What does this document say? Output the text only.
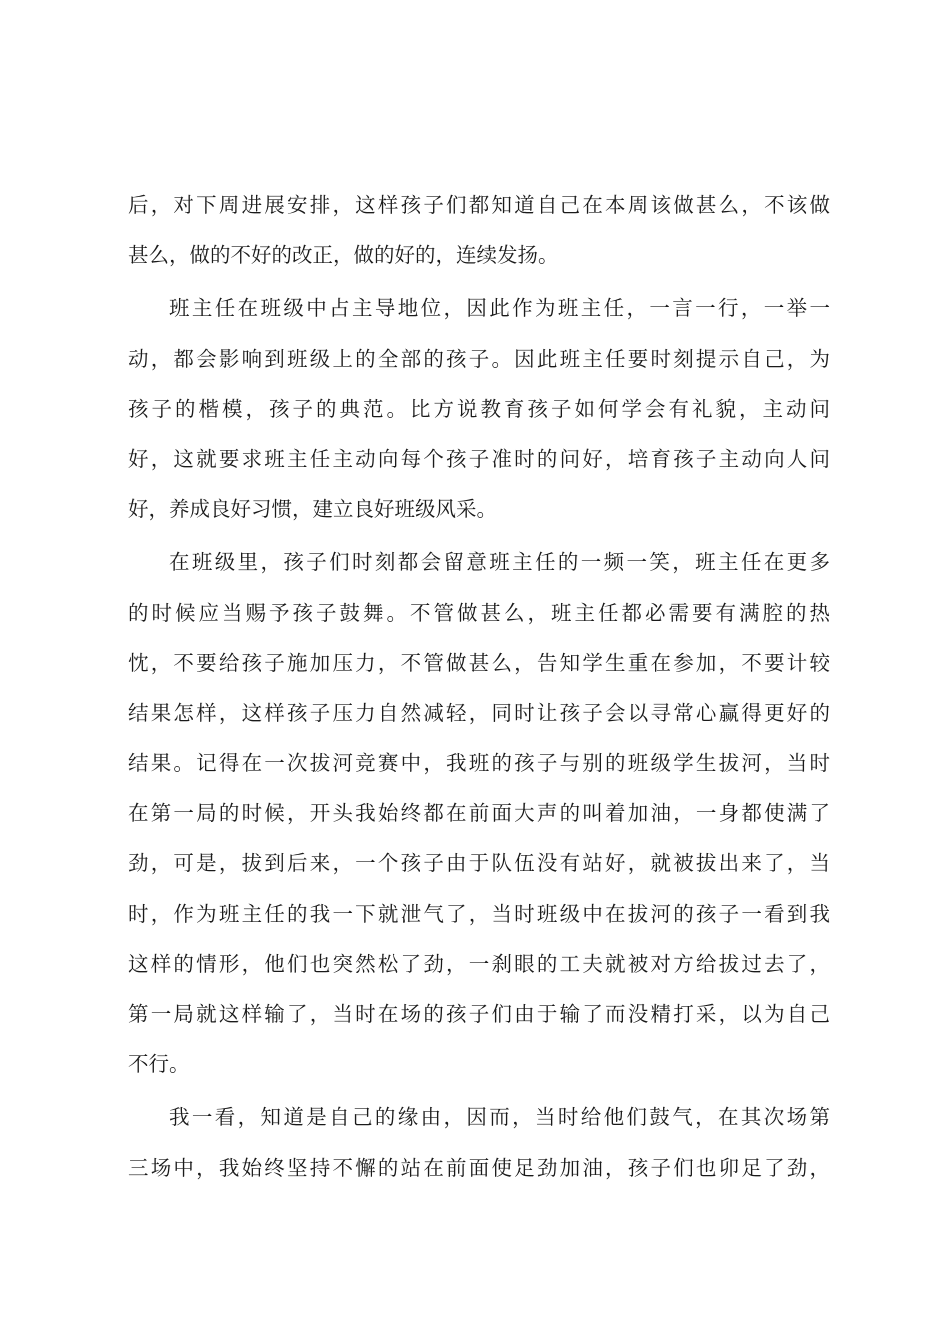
后，对下周进展安排，这样孩子们都知道自己在本周该做甚么，不该做
甚么，做的不好的改正，做的好的，连续发扬。
班主任在班级中占主导地位，因此作为班主任，一言一行，一举一
动，都会影响到班级上的全部的孩子。因此班主任要时刻提示自己，为
孩子的楷模，孩子的典范。比方说教育孩子如何学会有礼貌，主动问
好，这就要求班主任主动向每个孩子准时的问好，培育孩子主动向人问
好，养成良好习惯，建立良好班级风采。
在班级里，孩子们时刻都会留意班主任的一频一笑，班主任在更多
的时候应当赐予孩子鼓舞。不管做甚么，班主任都必需要有满腔的热
忱，不要给孩子施加压力，不管做甚么，告知学生重在参加，不要计较
结果怎样，这样孩子压力自然减轻，同时让孩子会以寻常心赢得更好的
结果。记得在一次拔河竞赛中，我班的孩子与别的班级学生拔河，当时
在第一局的时候，开头我始终都在前面大声的叫着加油，一身都使满了
劲，可是，拔到后来，一个孩子由于队伍没有站好，就被拔出来了，当
时，作为班主任的我一下就泄气了，当时班级中在拔河的孩子一看到我
这样的情形，他们也突然松了劲，一刹眼的工夫就被对方给拔过去了，
第一局就这样输了，当时在场的孩子们由于输了而没精打采，以为自己
不行。
我一看，知道是自己的缘由，因而，当时给他们鼓气，在其次场第
三场中，我始终坚持不懈的站在前面使足劲加油，孩子们也卯足了劲，
